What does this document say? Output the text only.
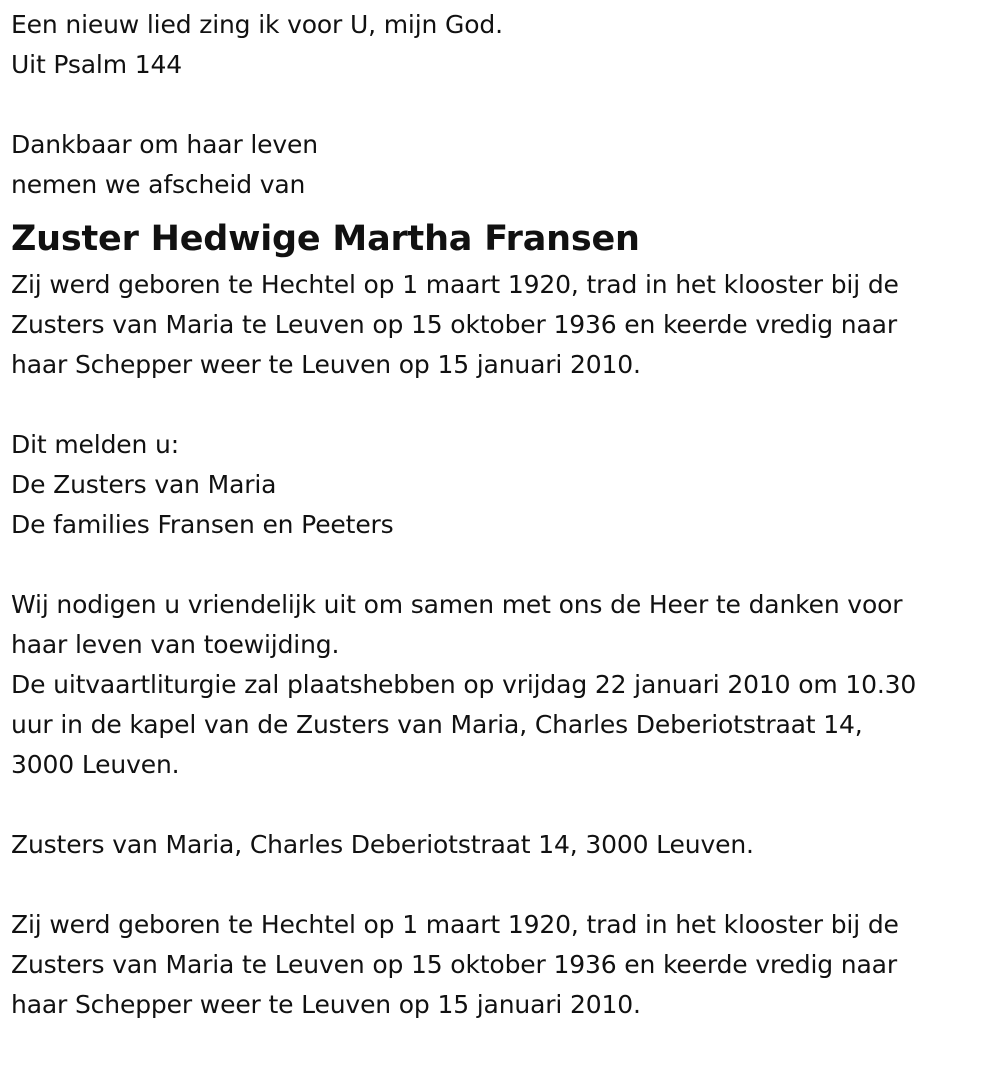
Een nieuw lied zing ik voor U, mijn God.
Uit Psalm 144
Dankbaar om haar leven
nemen we afscheid van
Zuster Hedwige Martha Fransen
Zij werd geboren te Hechtel op 1 maart 1920, trad in het klooster bij de
Zusters van Maria te Leuven op 15 oktober 1936 en keerde vredig naar
haar Schepper weer te Leuven op 15 januari 2010.
Dit melden u:
De Zusters van Maria
De families Fransen en Peeters
Wij nodigen u vriendelijk uit om samen met ons de Heer te danken voor
haar leven van toewijding.
De uitvaartliturgie zal plaatshebben op vrijdag 22 januari 2010 om 10.30
uur in de kapel van de Zusters van Maria, Charles Deberiotstraat 14,
3000 Leuven.
Zusters van Maria, Charles Deberiotstraat 14, 3000 Leuven.
Zij werd geboren te Hechtel op 1 maart 1920, trad in het klooster bij de
Zusters van Maria te Leuven op 15 oktober 1936 en keerde vredig naar
haar Schepper weer te Leuven op 15 januari 2010.
